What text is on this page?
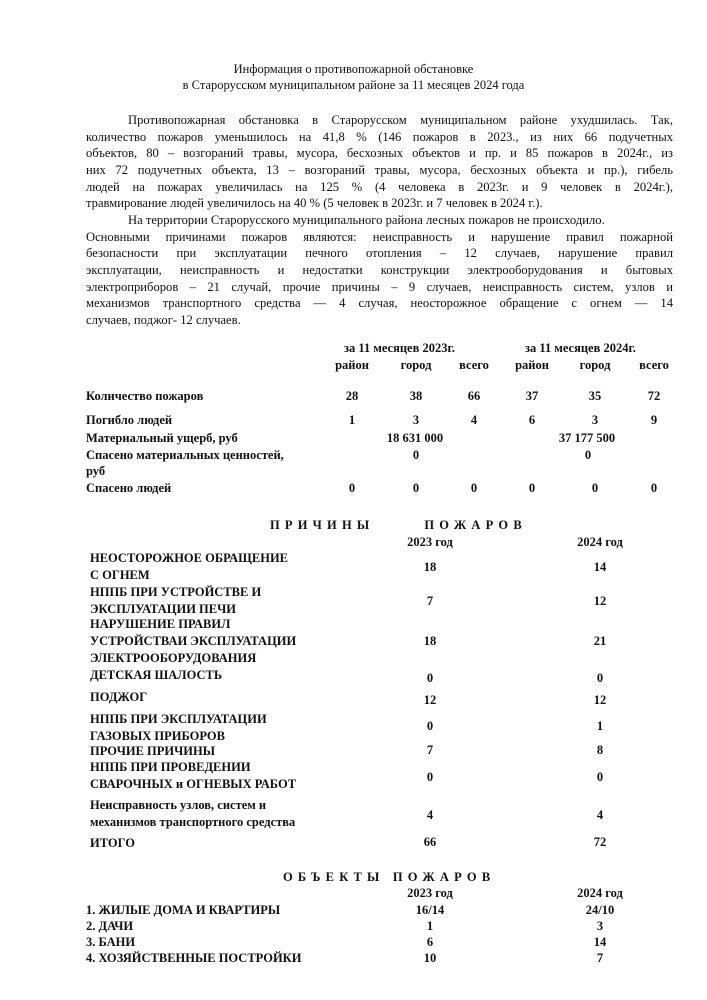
Информация о противопожарной обстановке
в Старорусском муниципальном районе за 11 месяцев 2024 года
Противопожарная обстановка в Старорусском муниципальном районе ухудшилась. Так,
количество пожаров уменьшилось на 41,8 % (146 пожаров в 2023., из них 66 подучетных
объектов, 80 – возгораний травы, мусора, бесхозных объектов и пр. и 85 пожаров в 2024г., из
них 72 подучетных объекта, 13 – возгораний травы, мусора, бесхозных объекта и пр.), гибель
людей на пожарах увеличилась на 125 % (4 человека в 2023г. и 9 человек в 2024г.),
травмирование людей увеличилось на 40 % (5 человек в 2023г. и 7 человек в 2024 г.).
На территории Старорусского муниципального района лесных пожаров не происходило.
Основными причинами пожаров являются: неисправность и нарушение правил пожарной
безопасности при эксплуатации печного отопления – 12 случаев, нарушение правил
эксплуатации, неисправность и недостатки конструкции электрооборудования и бытовых
электроприборов – 21 случай, прочие причины – 9 случаев, неисправность систем, узлов и
механизмов транспортного средства — 4 случая, неосторожное обращение с огнем — 14
случаев, поджог- 12 случаев.
за 11 месяцев 2023г.	за 11 месяцев 2024г.
район	город	всего	район	город	всего
Количество пожаров	28	38	66	37	35	72
Погибло людей	1	3	4	6	3	9
Материальный ущерб, руб	18 631 000	37 177 500
Спасено материальных ценностей,
руб
0	0
Спасено людей	0	0	0	0	0	0
ПРИЧИНЫ      ПОЖАРОВ
2023 год	2024 год
НЕОСТОРОЖНОЕ ОБРАЩЕНИЕ
С ОГНЕМ
18	14
НППБ ПРИ УСТРОЙСТВЕ И
ЭКСПЛУАТАЦИИ ПЕЧИ
7	12
НАРУШЕНИЕ ПРАВИЛ
УСТРОЙСТВАИ ЭКСПЛУАТАЦИИ
ЭЛЕКТРООБОРУДОВАНИЯ
18	21
ДЕТСКАЯ ШАЛОСТЬ	0	0
ПОДЖОГ	12	12
НППБ ПРИ ЭКСПЛУАТАЦИИ
ГАЗОВЫХ ПРИБОРОВ
0	1
ПРОЧИЕ ПРИЧИНЫ	7	8
НППБ ПРИ ПРОВЕДЕНИИ
СВАРОЧНЫХ и ОГНЕВЫХ РАБОТ	0	0
Неисправность узлов, систем и
механизмов транспортного средства	4	4
ИТОГО	66	72
ОБЪЕКТЫ ПОЖАРОВ
2023 год	2024 год
1. ЖИЛЫЕ ДОМА И КВАРТИРЫ	16/14	24/10
2. ДАЧИ	1	3
3. БАНИ	6	14
4. ХОЗЯЙСТВЕННЫЕ ПОСТРОЙКИ	10	7
